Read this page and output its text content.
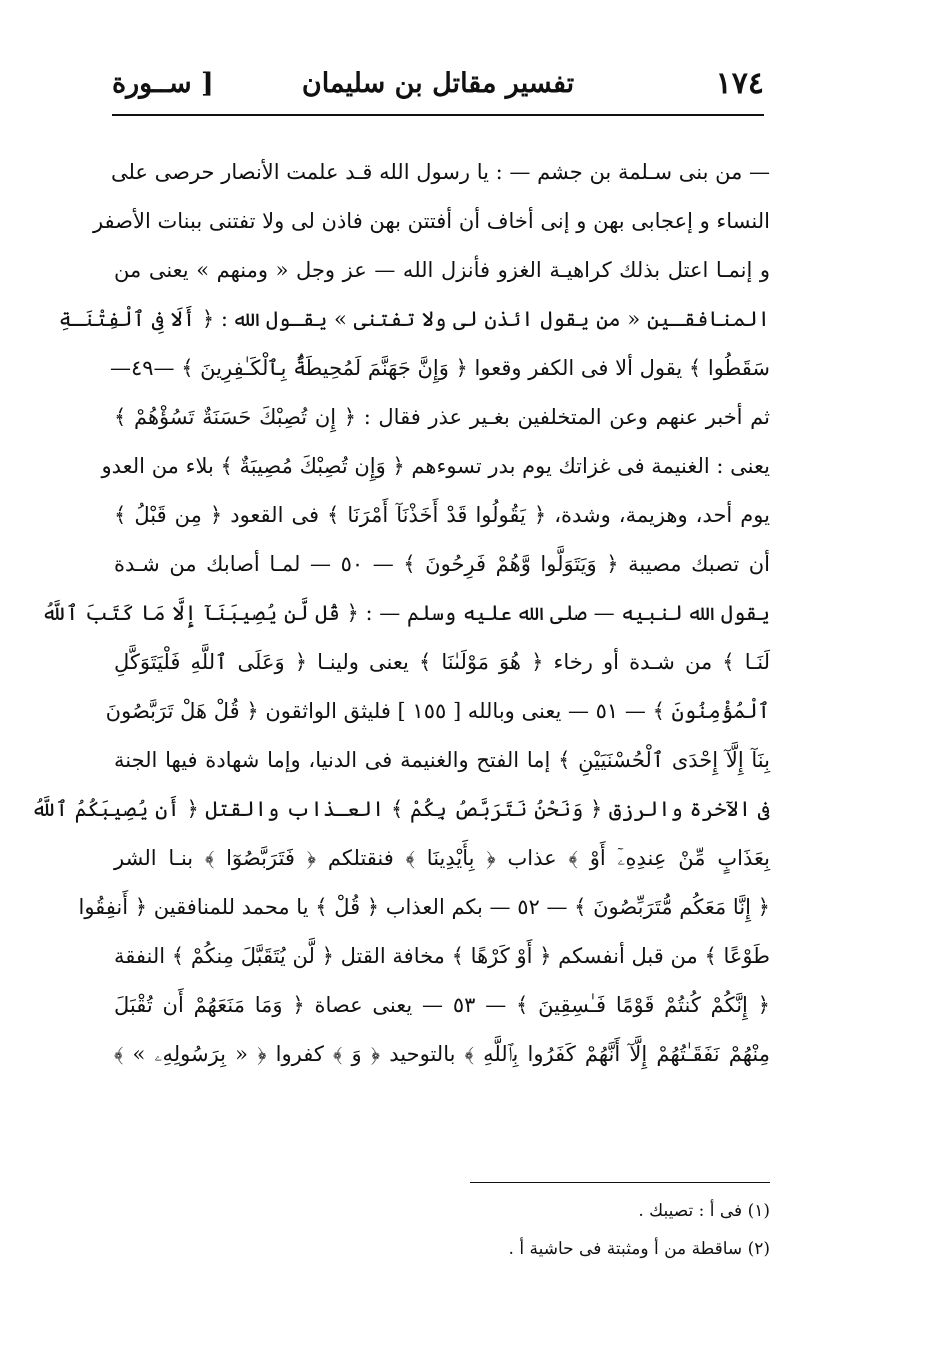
١٧٤
تفسير مقاتل بن سليمان
[ ســورة
— من بنى سـلمة بن جشم — : يا رسول الله قـد علمت الأنصار حرصى على
النساء و إعجابى بهن و إنى أخاف أن أفتتن بهن فاذن لى ولا تفتنى ببنات الأصفر
و إنمـا اعتل بذلك كراهيـة الغزو فأنزل الله — عز وجل « ومنهم » يعنى من
المنافقـين « من يقول ائذن لى ولا تفتنى » يقـول الله : ﴿ أَلَا فِى ٱلْفِتْنَـةِ
سَقَطُوا ﴾ يقول ألا فى الكفر وقعوا ﴿ وَإِنَّ جَهَنَّمَ لَمُحِيطَةٌۢ بِٱلْكَـٰفِرِينَ ﴾ —٤٩—
ثم أخبر عنهم وعن المتخلفين بغـير عذر فقال : ﴿ إِن تُصِبْكَ حَسَنَةٌ تَسُؤْهُمْ ﴾
يعنى : الغنيمة فى غزاتك يوم بدر تسوءهم ﴿ وَإِن تُصِبْكَ مُصِيبَةٌ ﴾ بلاء من العدو
يوم أحد، وهزيمة، وشدة، ﴿ يَقُولُوا قَدْ أَخَذْنَآ أَمْرَنَا ﴾ فى القعود ﴿ مِن قَبْلُ ﴾
أن تصبك مصيبة ﴿ وَيَتَوَلَّوا وَّهُمْ فَرِحُونَ ﴾ — ٥٠ — لمـا أصابك من شـدة
يقول الله لنبيه — صلى الله عليه وسلم — : ﴿ قُل لَّن يُصِيبَنَآ إِلَّا مَا كَتَبَ ٱللَّهُ
لَنَـا ﴾ من شـدة أو رخاء ﴿ هُوَ مَوْلَىٰنَا ﴾ يعنى ولينـا ﴿ وَعَلَى ٱللَّهِ فَلْيَتَوَكَّلِ
ٱلْمُؤْمِنُونَ ﴾ — ٥١ — يعنى وبالله [ ١٥٥ ] فليثق الواثقون ﴿ قُلْ هَلْ تَرَبَّصُونَ
بِنَآ إِلَّآ إِحْدَى ٱلْحُسْنَيَيْنِ ﴾ إما الفتح والغنيمة فى الدنيا، وإما شهادة فيها الجنة
فى الآخرة والرزق ﴿ وَنَحْنُ نَتَرَبَّصُ بِكُمْ ﴾ العـذاب والقتل ﴿ أَن يُصِيبَكُمُ ٱللَّهُ
بِعَذَابٍ مِّنْ عِندِهِۦٓ أَوْ ﴾ عذاب ﴿ بِأَيْدِينَا ﴾ فنقتلكم ﴿ فَتَرَبَّصُوٓا ﴾ بنـا الشر
﴿ إِنَّا مَعَكُم مُّتَرَبِّصُونَ ﴾ — ٥٢ — بكم العذاب ﴿ قُلْ ﴾ يا محمد للمنافقين ﴿ أَنفِقُوا
طَوْعًا ﴾ من قبل أنفسكم ﴿ أَوْ كَرْهًا ﴾ مخافة القتل ﴿ لَّن يُتَقَبَّلَ مِنكُمْ ﴾ النفقة
﴿ إِنَّكُمْ كُنتُمْ قَوْمًا فَـٰسِقِينَ ﴾ — ٥٣ — يعنى عصاة ﴿ وَمَا مَنَعَهُمْ أَن تُقْبَلَ
مِنْهُمْ نَفَقَـٰتُهُمْ إِلَّآ أَنَّهُمْ كَفَرُوا بِٱللَّهِ ﴾ بالتوحيد ﴿ وَ ﴾ كفروا ﴿ « بِرَسُولِهِۦ » ﴾
(١) فى أ : تصيبك .
(٢) ساقطة من أ ومثبتة فى حاشية أ .
